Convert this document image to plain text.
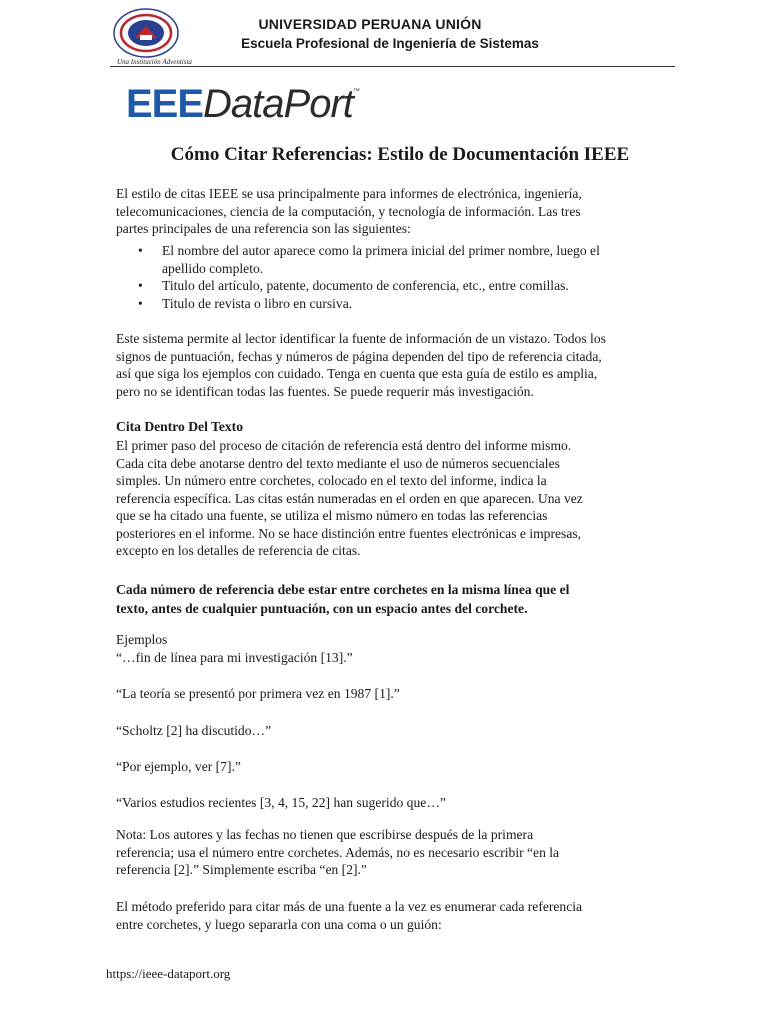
Una Institución Adventista
UNIVERSIDAD PERUANA UNIÓN
Escuela Profesional de Ingeniería de Sistemas
EEEDataPort™
Cómo Citar Referencias: Estilo de Documentación IEEE
El estilo de citas IEEE se usa principalmente para informes de electrónica, ingeniería,
telecomunicaciones, ciencia de la computación, y tecnología de información. Las tres
partes principales de una referencia son las siguientes:
• El nombre del autor aparece como la primera inicial del primer nombre, luego el
apellido completo.
• Titulo del artículo, patente, documento de conferencia, etc., entre comillas.
• Titulo de revista o libro en cursiva.
Este sistema permite al lector identificar la fuente de información de un vistazo. Todos los
signos de puntuación, fechas y números de página dependen del tipo de referencia citada,
así que siga los ejemplos con cuidado. Tenga en cuenta que esta guía de estilo es amplia,
pero no se identifican todas las fuentes. Se puede requerir más investigación.
Cita Dentro Del Texto
El primer paso del proceso de citación de referencia está dentro del informe mismo.
Cada cita debe anotarse dentro del texto mediante el uso de números secuenciales
simples. Un número entre corchetes, colocado en el texto del informe, indica la
referencia específica. Las citas están numeradas en el orden en que aparecen. Una vez
que se ha citado una fuente, se utiliza el mismo número en todas las referencias
posteriores en el informe. No se hace distinción entre fuentes electrónicas e impresas,
excepto en los detalles de referencia de citas.
Cada número de referencia debe estar entre corchetes en la misma línea que el
texto, antes de cualquier puntuación, con un espacio antes del corchete.
Ejemplos
“…fin de línea para mi investigación [13].”
“La teoría se presentó por primera vez en 1987 [1].”
“Scholtz [2] ha discutido…”
“Por ejemplo, ver [7].”
“Varios estudios recientes [3, 4, 15, 22] han sugerido que…”
Nota: Los autores y las fechas no tienen que escribirse después de la primera
referencia; usa el número entre corchetes. Además, no es necesario escribir “en la
referencia [2].” Simplemente escriba “en [2].”
El método preferido para citar más de una fuente a la vez es enumerar cada referencia
entre corchetes, y luego separarla con una coma o un guión:
https://ieee-dataport.org
